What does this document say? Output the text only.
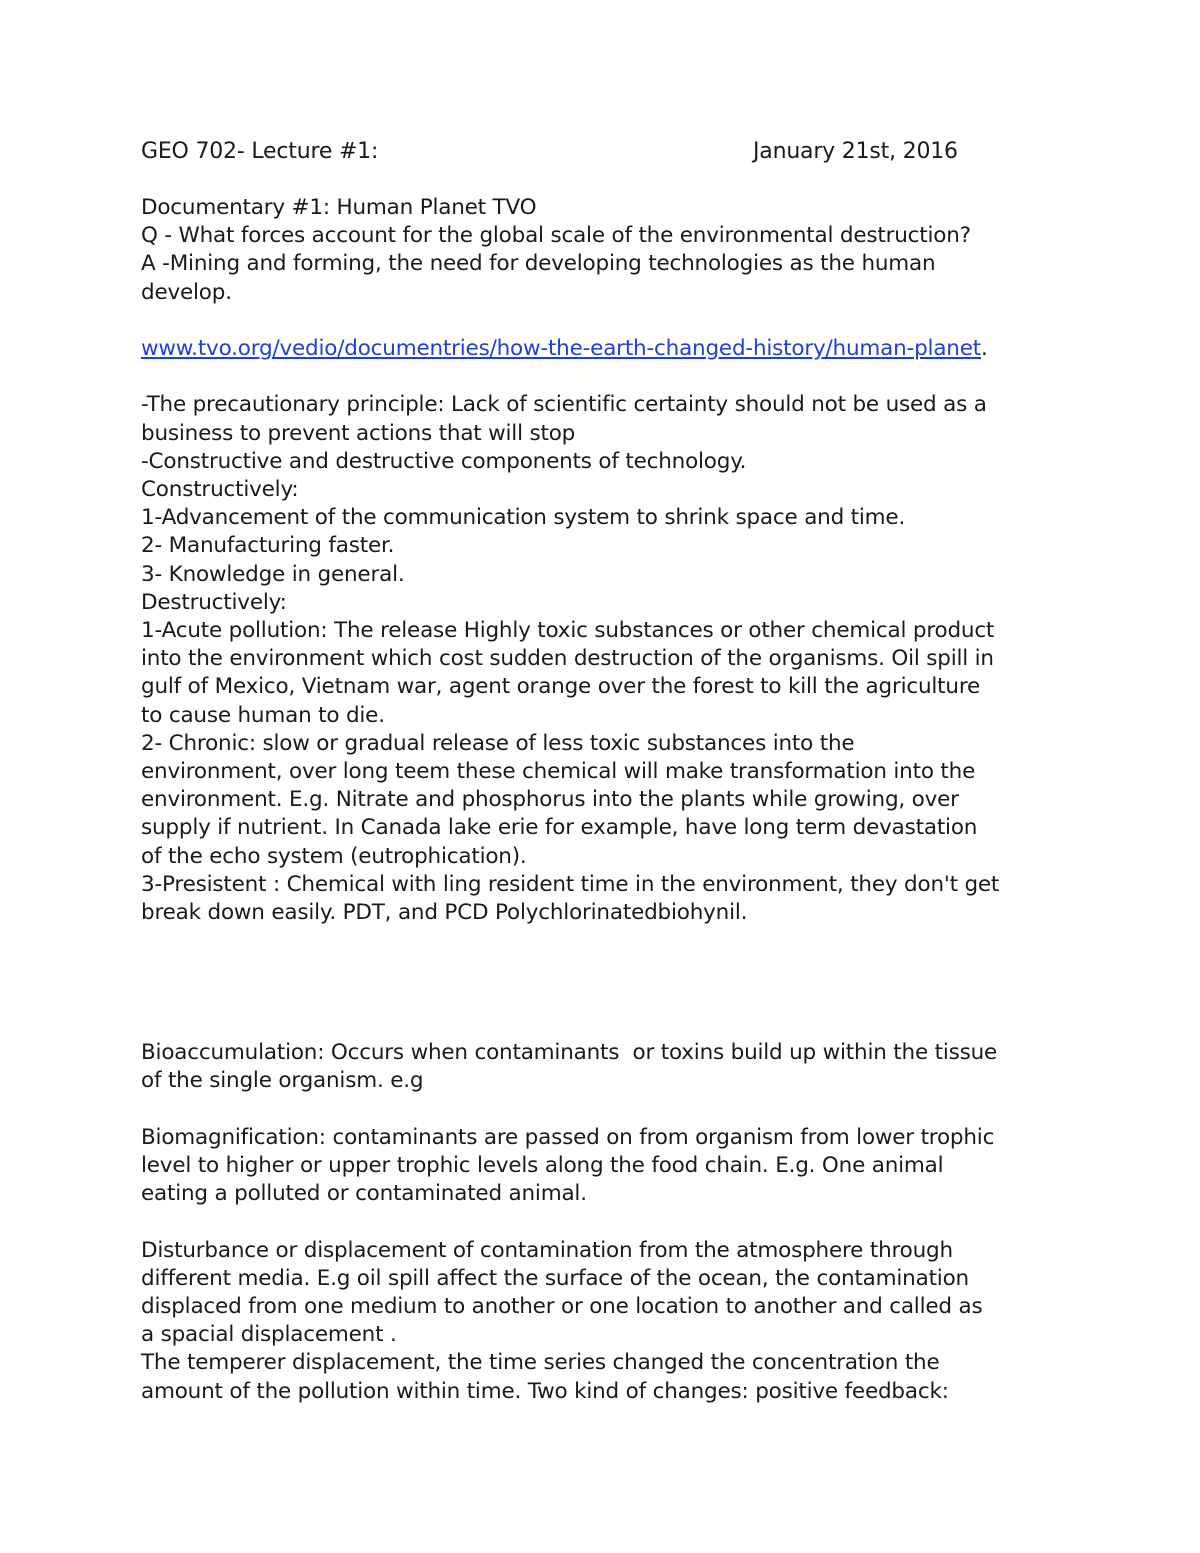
GEO 702- Lecture #1:	January 21st, 2016
Documentary #1: Human Planet TVO
Q - What forces account for the global scale of the environmental destruction?
A -Mining and forming, the need for developing technologies as the human
develop.
www.tvo.org/vedio/documentries/how-the-earth-changed-history/human-planet.
-The precautionary principle: Lack of scientific certainty should not be used as a
business to prevent actions that will stop
-Constructive and destructive components of technology.
Constructively:
1-Advancement of the communication system to shrink space and time.
2- Manufacturing faster.
3- Knowledge in general.
Destructively:
1-Acute pollution: The release Highly toxic substances or other chemical product
into the environment which cost sudden destruction of the organisms. Oil spill in
gulf of Mexico, Vietnam war, agent orange over the forest to kill the agriculture
to cause human to die.
2- Chronic: slow or gradual release of less toxic substances into the
environment, over long teem these chemical will make transformation into the
environment. E.g. Nitrate and phosphorus into the plants while growing, over
supply if nutrient. In Canada lake erie for example, have long term devastation
of the echo system (eutrophication).
3-Presistent : Chemical with ling resident time in the environment, they don't get
break down easily. PDT, and PCD Polychlorinatedbiohynil.
Bioaccumulation: Occurs when contaminants  or toxins build up within the tissue
of the single organism. e.g
Biomagnification: contaminants are passed on from organism from lower trophic
level to higher or upper trophic levels along the food chain. E.g. One animal
eating a polluted or contaminated animal.
Disturbance or displacement of contamination from the atmosphere through
different media. E.g oil spill affect the surface of the ocean, the contamination
displaced from one medium to another or one location to another and called as
a spacial displacement .
The temperer displacement, the time series changed the concentration the
amount of the pollution within time. Two kind of changes: positive feedback:
